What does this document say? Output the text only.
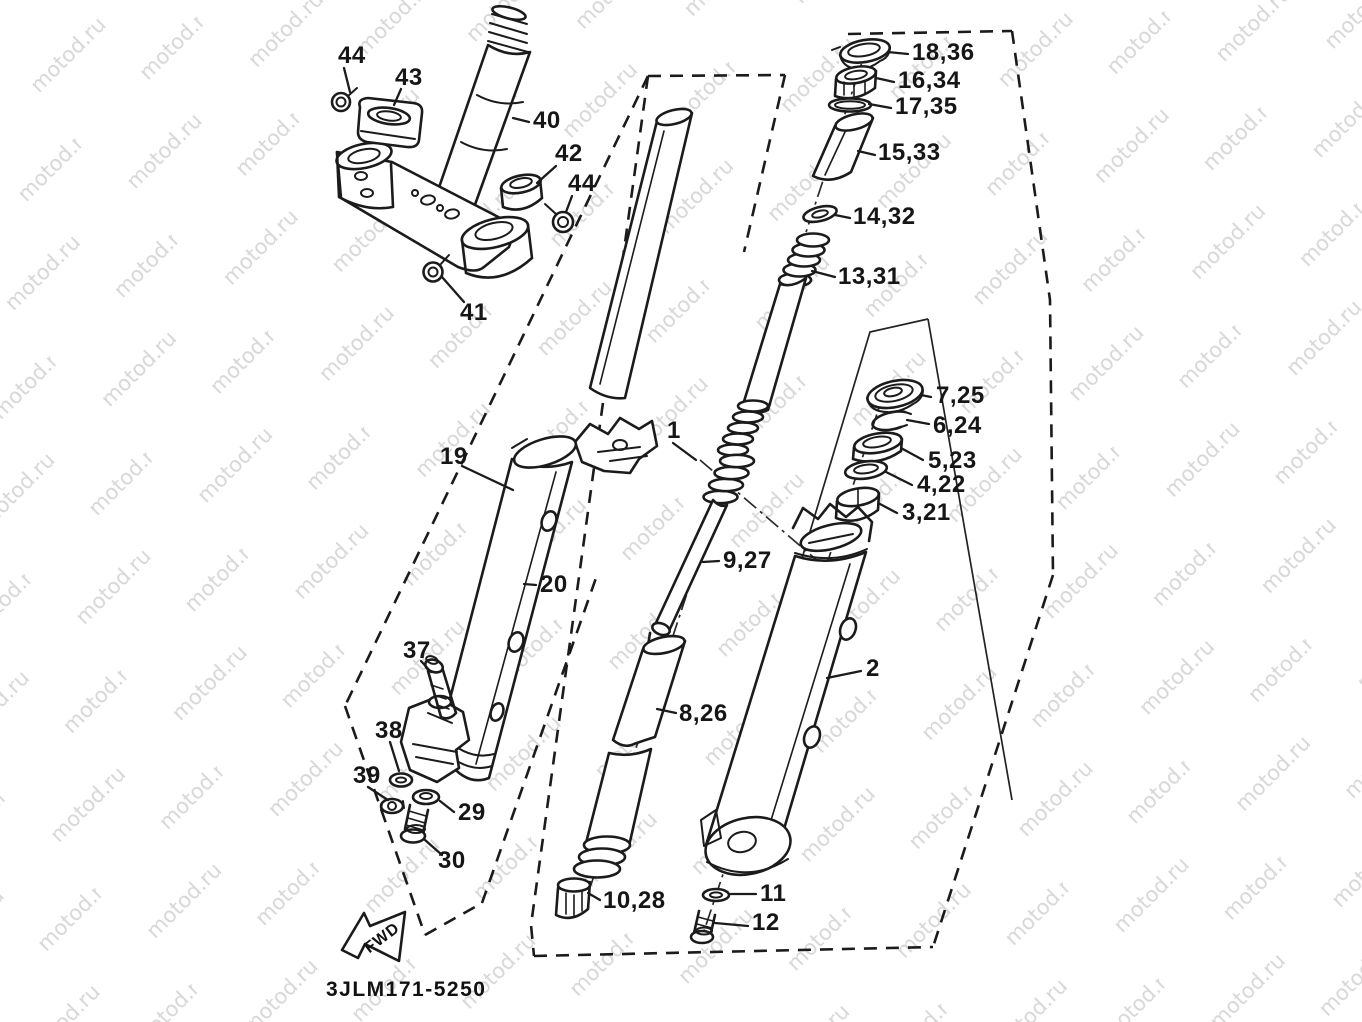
44
43
40
42
44
41
18,36
16,34
17,35
15,33
14,32
13,31
19
1
20
37
38
39
29
30
9,27
8,26
10,28	11
12
7,25
6,24
5,23
4,22
3,21
2
FWD
3JLM171-5250
